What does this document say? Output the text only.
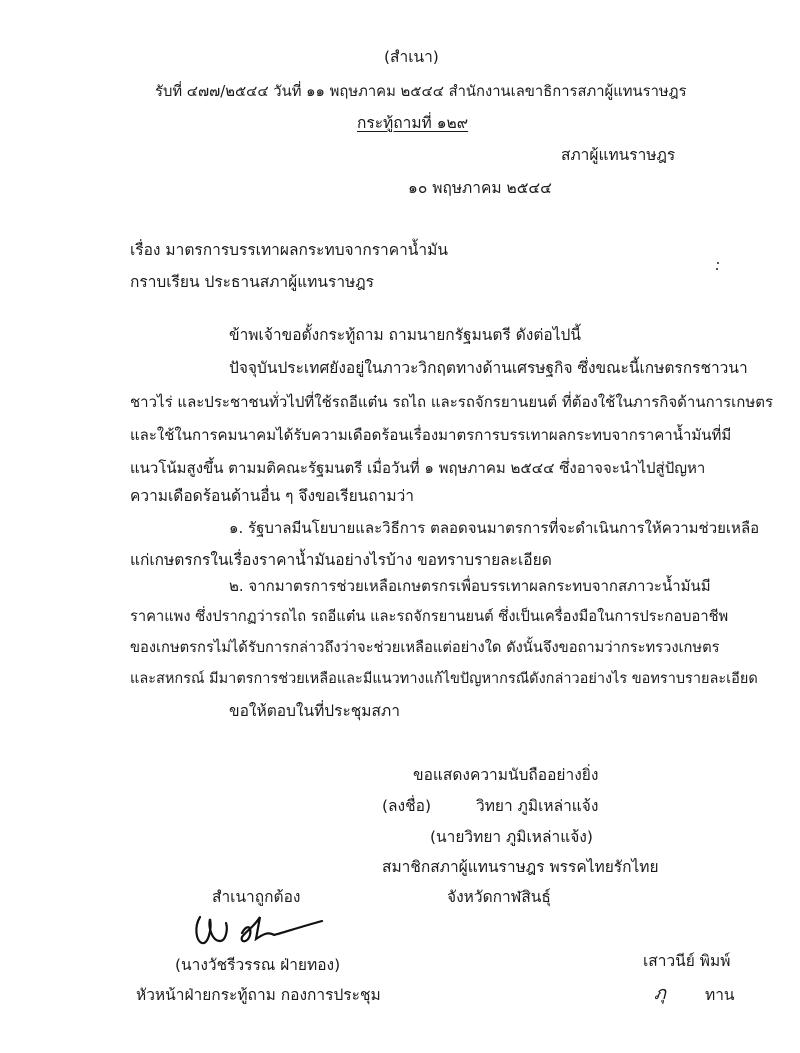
(สำเนา)
รับที่ ๔๗๗/๒๕๔๔ วันที่ ๑๑ พฤษภาคม ๒๕๔๔ สำนักงานเลขาธิการสภาผู้แทนราษฎร
กระทู้ถามที่ ๑๒๙
สภาผู้แทนราษฎร
๑๐ พฤษภาคม ๒๕๔๔
เรื่อง มาตรการบรรเทาผลกระทบจากราคาน้ำมัน
กราบเรียน ประธานสภาผู้แทนราษฎร
ข้าพเจ้าขอตั้งกระทู้ถาม ถามนายกรัฐมนตรี ดังต่อไปนี้
ปัจจุบันประเทศยังอยู่ในภาวะวิกฤตทางด้านเศรษฐกิจ ซึ่งขณะนี้เกษตรกรชาวนา
ชาวไร่ และประชาชนทั่วไปที่ใช้รถอีแต๋น รถไถ และรถจักรยานยนต์ ที่ต้องใช้ในภารกิจด้านการเกษตร
และใช้ในการคมนาคมได้รับความเดือดร้อนเรื่องมาตรการบรรเทาผลกระทบจากราคาน้ำมันที่มี
แนวโน้มสูงขึ้น ตามมติคณะรัฐมนตรี เมื่อวันที่ ๑ พฤษภาคม ๒๕๔๔ ซึ่งอาจจะนำไปสู่ปัญหา
ความเดือดร้อนด้านอื่น ๆ จึงขอเรียนถามว่า
๑. รัฐบาลมีนโยบายและวิธีการ ตลอดจนมาตรการที่จะดำเนินการให้ความช่วยเหลือ
แก่เกษตรกรในเรื่องราคาน้ำมันอย่างไรบ้าง ขอทราบรายละเอียด
๒. จากมาตรการช่วยเหลือเกษตรกรเพื่อบรรเทาผลกระทบจากสภาวะน้ำมันมี
ราคาแพง ซึ่งปรากฏว่ารถไถ รถอีแต๋น และรถจักรยานยนต์ ซึ่งเป็นเครื่องมือในการประกอบอาชีพ
ของเกษตรกรไม่ได้รับการกล่าวถึงว่าจะช่วยเหลือแต่อย่างใด ดังนั้นจึงขอถามว่ากระทรวงเกษตร
และสหกรณ์ มีมาตรการช่วยเหลือและมีแนวทางแก้ไขปัญหากรณีดังกล่าวอย่างไร ขอทราบรายละเอียด
ขอให้ตอบในที่ประชุมสภา
ขอแสดงความนับถืออย่างยิ่ง
(ลงชื่อ)	วิทยา ภูมิเหล่าแจ้ง
(นายวิทยา ภูมิเหล่าแจ้ง)
สมาชิกสภาผู้แทนราษฎร พรรคไทยรักไทย
จังหวัดกาฬสินธุ์
สำเนาถูกต้อง
(นางวัชรีวรรณ ฝ่ายทอง)
หัวหน้าฝ่ายกระทู้ถาม กองการประชุม
เสาวนีย์ พิมพ์
ภุ	ทาน
